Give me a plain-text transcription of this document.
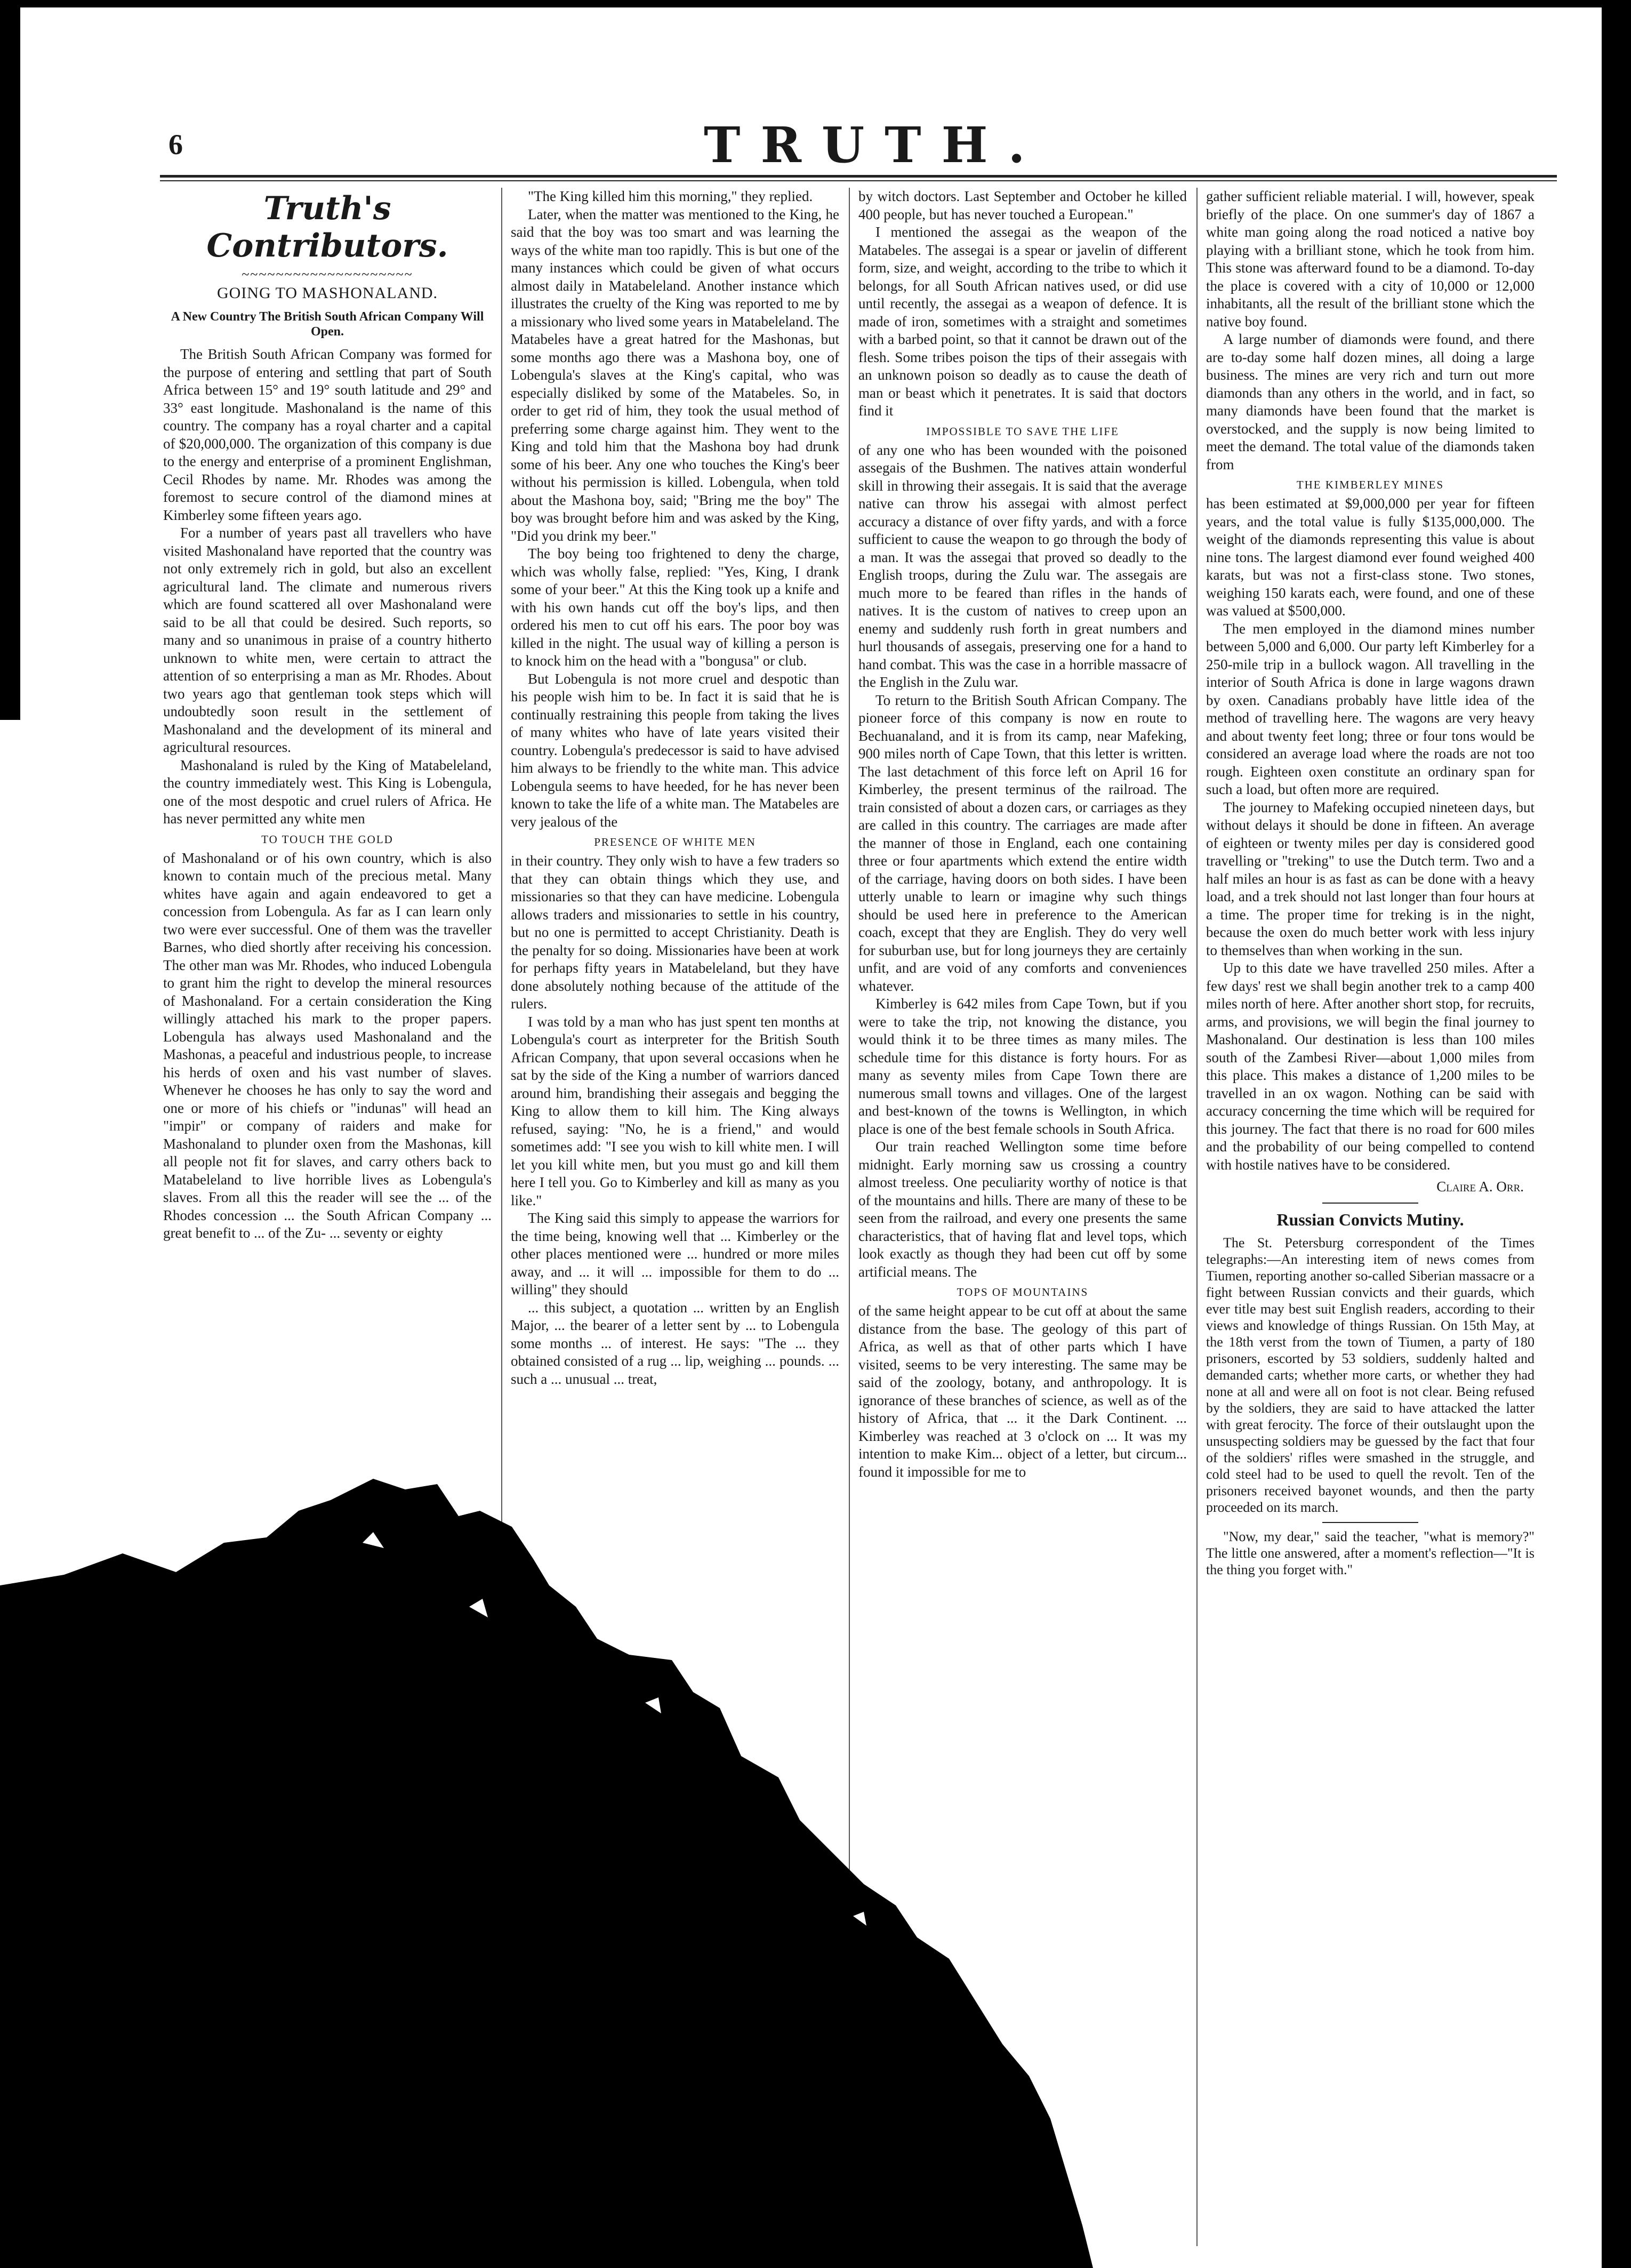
6	TRUTH.
Truth's Contributors.
~~~~~~~~~~~~~~~~~~~~
GOING TO MASHONALAND.
A New Country The British South African Company Will Open.

The British South African Company was formed for the purpose of entering and settling that part of South Africa between 15° and 19° south latitude and 29° and 33° east longitude. Mashonaland is the name of this country. The company has a royal charter and a capital of $20,000,000. The organization of this company is due to the energy and enterprise of a prominent Englishman, Cecil Rhodes by name. Mr. Rhodes was among the foremost to secure control of the diamond mines at Kimberley some fifteen years ago.

For a number of years past all travellers who have visited Mashonaland have reported that the country was not only extremely rich in gold, but also an excellent agricultural land. The climate and numerous rivers which are found scattered all over Mashonaland were said to be all that could be desired. Such reports, so many and so unanimous in praise of a country hitherto unknown to white men, were certain to attract the attention of so enterprising a man as Mr. Rhodes. About two years ago that gentleman took steps which will undoubtedly soon result in the settlement of Mashonaland and the development of its mineral and agricultural resources.

Mashonaland is ruled by the King of Matabeleland, the country immediately west. This King is Lobengula, one of the most despotic and cruel rulers of Africa. He has never permitted any white men

TO TOUCH THE GOLD

of Mashonaland or of his own country, which is also known to contain much of the precious metal. Many whites have again and again endeavored to get a concession from Lobengula. As far as I can learn only two were ever successful. One of them was the traveller Barnes, who died shortly after receiving his concession. The other man was Mr. Rhodes, who induced Lobengula to grant him the right to develop the mineral resources of Mashonaland. For a certain consideration the King willingly attached his mark to the proper papers. Lobengula has always used Mashonaland and the Mashonas, a peaceful and industrious people, to increase his herds of oxen and his vast number of slaves. Whenever he chooses he has only to say the word and one or more of his chiefs or "indunas" will head an "impir" or company of raiders and make for Mashonaland to plunder oxen from the Mashonas, kill all people not fit for slaves, and carry others back to Matabeleland to live horrible lives as Lobengula's slaves. From all this the reader will see the ... of the Rhodes concession ... the South African Company ... great benefit to ... of the Zu- ... seventy or eighty

"The King killed him this morning," they replied.

Later, when the matter was mentioned to the King, he said that the boy was too smart and was learning the ways of the white man too rapidly. This is but one of the many instances which could be given of what occurs almost daily in Matabeleland. Another instance which illustrates the cruelty of the King was reported to me by a missionary who lived some years in Matabeleland. The Matabeles have a great hatred for the Mashonas, but some months ago there was a Mashona boy, one of Lobengula's slaves at the King's capital, who was especially disliked by some of the Matabeles. So, in order to get rid of him, they took the usual method of preferring some charge against him. They went to the King and told him that the Mashona boy had drunk some of his beer. Any one who touches the King's beer without his permission is killed. Lobengula, when told about the Mashona boy, said; "Bring me the boy" The boy was brought before him and was asked by the King, "Did you drink my beer."

The boy being too frightened to deny the charge, which was wholly false, replied: "Yes, King, I drank some of your beer." At this the King took up a knife and with his own hands cut off the boy's lips, and then ordered his men to cut off his ears. The poor boy was killed in the night. The usual way of killing a person is to knock him on the head with a "bongusa" or club.

But Lobengula is not more cruel and despotic than his people wish him to be. In fact it is said that he is continually restraining this people from taking the lives of many whites who have of late years visited their country. Lobengula's predecessor is said to have advised him always to be friendly to the white man. This advice Lobengula seems to have heeded, for he has never been known to take the life of a white man. The Matabeles are very jealous of the

PRESENCE OF WHITE MEN

in their country. They only wish to have a few traders so that they can obtain things which they use, and missionaries so that they can have medicine. Lobengula allows traders and missionaries to settle in his country, but no one is permitted to accept Christianity. Death is the penalty for so doing. Missionaries have been at work for perhaps fifty years in Matabeleland, but they have done absolutely nothing because of the attitude of the rulers.

I was told by a man who has just spent ten months at Lobengula's court as interpreter for the British South African Company, that upon several occasions when he sat by the side of the King a number of warriors danced around him, brandishing their assegais and begging the King to allow them to kill him. The King always refused, saying: "No, he is a friend," and would sometimes add: "I see you wish to kill white men. I will let you kill white men, but you must go and kill them here I tell you. Go to Kimberley and kill as many as you like."

The King said this simply to appease the warriors for the time being, knowing well that ... Kimberley or the other places mentioned were ... hundred or more miles away, and ... it will ... impossible for them to do ... willing" they should

... this subject, a quotation ... written by an English Major, ... the bearer of a letter sent by ... to Lobengula some months ... of interest. He says: "The ... they obtained consisted of a rug ... lip, weighing ... pounds. ... such a ... unusual ... treat,

by witch doctors. Last September and October he killed 400 people, but has never touched a European."

I mentioned the assegai as the weapon of the Matabeles. The assegai is a spear or javelin of different form, size, and weight, according to the tribe to which it belongs, for all South African natives used, or did use until recently, the assegai as a weapon of defence. It is made of iron, sometimes with a straight and sometimes with a barbed point, so that it cannot be drawn out of the flesh. Some tribes poison the tips of their assegais with an unknown poison so deadly as to cause the death of man or beast which it penetrates. It is said that doctors find it

IMPOSSIBLE TO SAVE THE LIFE

of any one who has been wounded with the poisoned assegais of the Bushmen. The natives attain wonderful skill in throwing their assegais. It is said that the average native can throw his assegai with almost perfect accuracy a distance of over fifty yards, and with a force sufficient to cause the weapon to go through the body of a man. It was the assegai that proved so deadly to the English troops, during the Zulu war. The assegais are much more to be feared than rifles in the hands of natives. It is the custom of natives to creep upon an enemy and suddenly rush forth in great numbers and hurl thousands of assegais, preserving one for a hand to hand combat. This was the case in a horrible massacre of the English in the Zulu war.

To return to the British South African Company. The pioneer force of this company is now en route to Bechuanaland, and it is from its camp, near Mafeking, 900 miles north of Cape Town, that this letter is written. The last detachment of this force left on April 16 for Kimberley, the present terminus of the railroad. The train consisted of about a dozen cars, or carriages as they are called in this country. The carriages are made after the manner of those in England, each one containing three or four apartments which extend the entire width of the carriage, having doors on both sides. I have been utterly unable to learn or imagine why such things should be used here in preference to the American coach, except that they are English. They do very well for suburban use, but for long journeys they are certainly unfit, and are void of any comforts and conveniences whatever.

Kimberley is 642 miles from Cape Town, but if you were to take the trip, not knowing the distance, you would think it to be three times as many miles. The schedule time for this distance is forty hours. For as many as seventy miles from Cape Town there are numerous small towns and villages. One of the largest and best-known of the towns is Wellington, in which place is one of the best female schools in South Africa.

Our train reached Wellington some time before midnight. Early morning saw us crossing a country almost treeless. One peculiarity worthy of notice is that of the mountains and hills. There are many of these to be seen from the railroad, and every one presents the same characteristics, that of having flat and level tops, which look exactly as though they had been cut off by some artificial means. The

TOPS OF MOUNTAINS

of the same height appear to be cut off at about the same distance from the base. The geology of this part of Africa, as well as that of other parts which I have visited, seems to be very interesting. The same may be said of the zoology, botany, and anthropology. It is ignorance of these branches of science, as well as of the history of Africa, that ... it the Dark Continent. ... Kimberley was reached at 3 o'clock on ... It was my intention to make Kim... object of a letter, but circum... found it impossible for me to

gather sufficient reliable material. I will, however, speak briefly of the place. On one summer's day of 1867 a white man going along the road noticed a native boy playing with a brilliant stone, which he took from him. This stone was afterward found to be a diamond. To-day the place is covered with a city of 10,000 or 12,000 inhabitants, all the result of the brilliant stone which the native boy found.

A large number of diamonds were found, and there are to-day some half dozen mines, all doing a large business. The mines are very rich and turn out more diamonds than any others in the world, and in fact, so many diamonds have been found that the market is overstocked, and the supply is now being limited to meet the demand. The total value of the diamonds taken from

THE KIMBERLEY MINES

has been estimated at $9,000,000 per year for fifteen years, and the total value is fully $135,000,000. The weight of the diamonds representing this value is about nine tons. The largest diamond ever found weighed 400 karats, but was not a first-class stone. Two stones, weighing 150 karats each, were found, and one of these was valued at $500,000.

The men employed in the diamond mines number between 5,000 and 6,000. Our party left Kimberley for a 250-mile trip in a bullock wagon. All travelling in the interior of South Africa is done in large wagons drawn by oxen. Canadians probably have little idea of the method of travelling here. The wagons are very heavy and about twenty feet long; three or four tons would be considered an average load where the roads are not too rough. Eighteen oxen constitute an ordinary span for such a load, but often more are required.

The journey to Mafeking occupied nineteen days, but without delays it should be done in fifteen. An average of eighteen or twenty miles per day is considered good travelling or "treking" to use the Dutch term. Two and a half miles an hour is as fast as can be done with a heavy load, and a trek should not last longer than four hours at a time. The proper time for treking is in the night, because the oxen do much better work with less injury to themselves than when working in the sun.

Up to this date we have travelled 250 miles. After a few days' rest we shall begin another trek to a camp 400 miles north of here. After another short stop, for recruits, arms, and provisions, we will begin the final journey to Mashonaland. Our destination is less than 100 miles south of the Zambesi River—about 1,000 miles from this place. This makes a distance of 1,200 miles to be travelled in an ox wagon. Nothing can be said with accuracy concerning the time which will be required for this journey. The fact that there is no road for 600 miles and the probability of our being compelled to contend with hostile natives have to be considered.

Claire A. Orr.
Russian Convicts Mutiny.

The St. Petersburg correspondent of the Times telegraphs:—An interesting item of news comes from Tiumen, reporting another so-called Siberian massacre or a fight between Russian convicts and their guards, which ever title may best suit English readers, according to their views and knowledge of things Russian. On 15th May, at the 18th verst from the town of Tiumen, a party of 180 prisoners, escorted by 53 soldiers, suddenly halted and demanded carts; whether more carts, or whether they had none at all and were all on foot is not clear. Being refused by the soldiers, they are said to have attacked the latter with great ferocity. The force of their outslaught upon the unsuspecting soldiers may be guessed by the fact that four of the soldiers' rifles were smashed in the struggle, and cold steel had to be used to quell the revolt. Ten of the prisoners received bayonet wounds, and then the party proceeded on its march.

"Now, my dear," said the teacher, "what is memory?" The little one answered, after a moment's reflection—"It is the thing you forget with."
